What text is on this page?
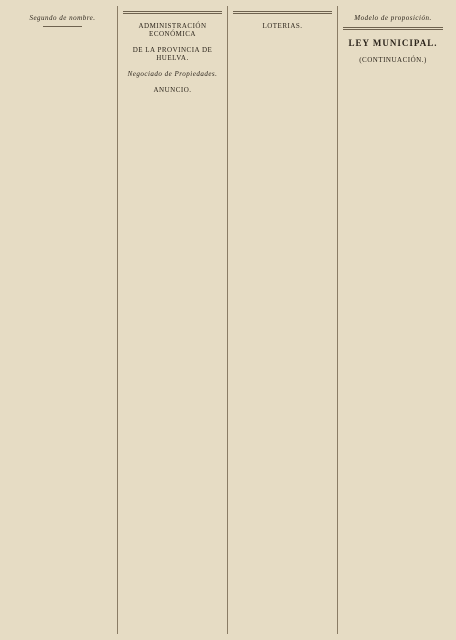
Segundo de nombre.
ADMINISTRACIÓN ECONÓMICA
DE LA PROVINCIA DE HUELVA.
Negociado de Propiedades.
ANUNCIO.
LOTERIAS.
Modelo de proposición.
LEY MUNICIPAL.
(CONTINUACIÓN.)
